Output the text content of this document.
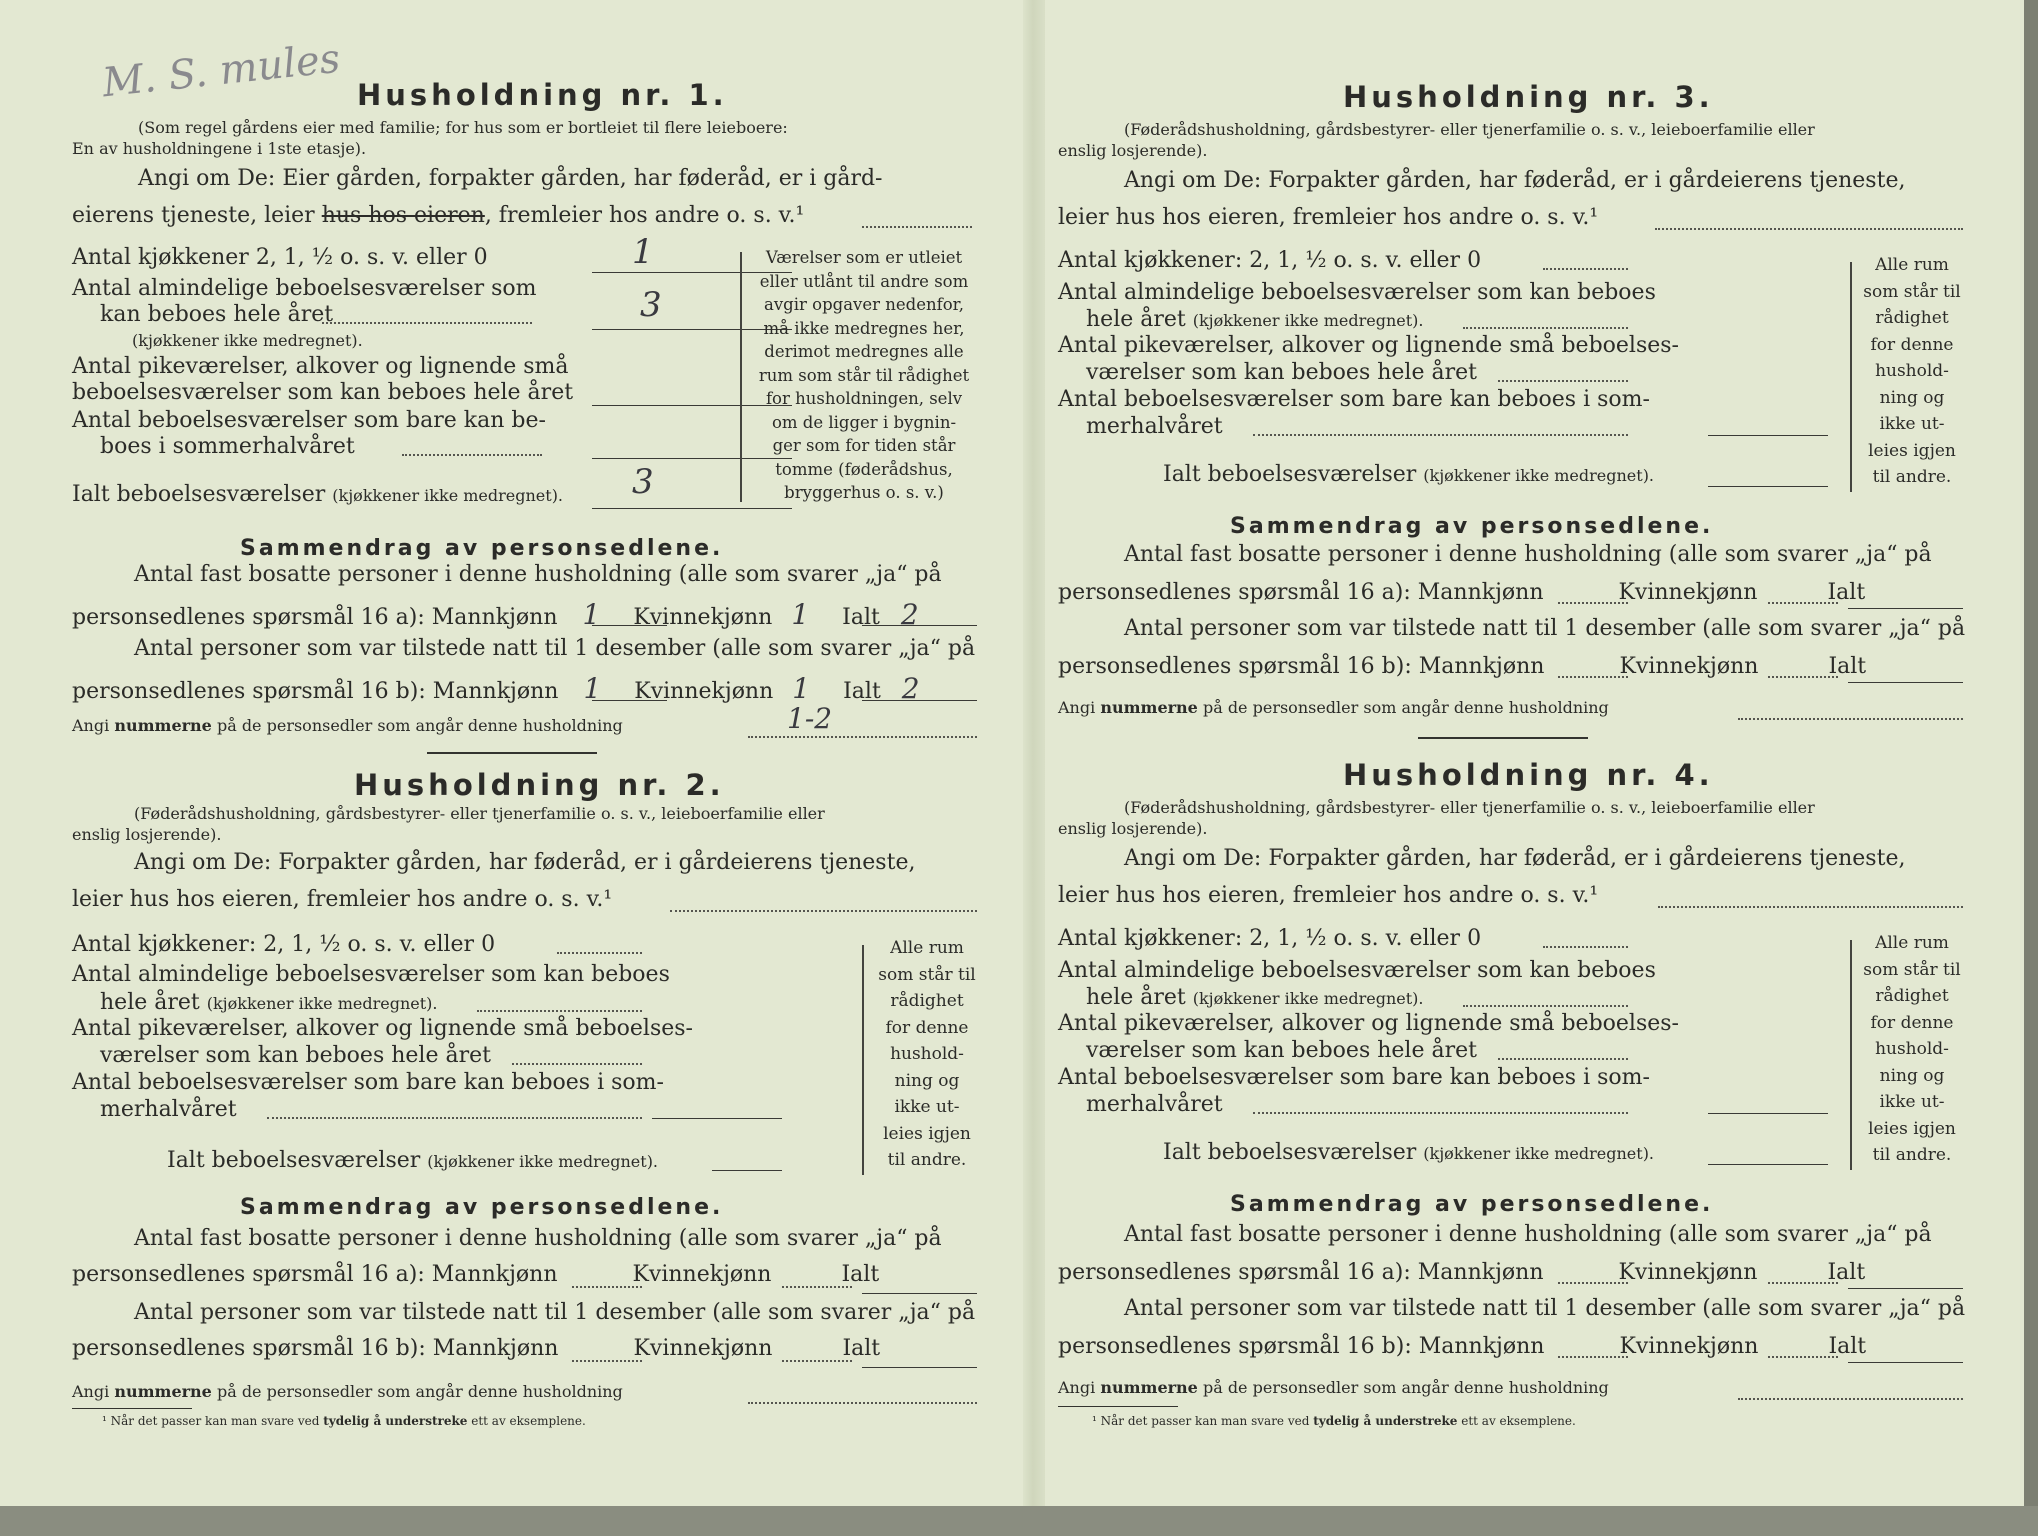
M. S. mules Husholdning nr. 1.
(Som regel gårdens eier med familie; for hus som er bortleiet til flere leieboere:
En av husholdningene i 1ste etasje).
Angi om De: Eier gården, forpakter gården, har føderåd, er i gård-
eierens tjeneste, leier hus hos eieren, fremleier hos andre o. s. v.¹
Antal kjøkkener 2, 1, ½ o. s. v. eller 0	1
Antal almindelige beboelsesværelser som
kan beboes hele året	3
(kjøkkener ikke medregnet).
Antal pikeværelser, alkover og lignende små
beboelsesværelser som kan beboes hele året
Antal beboelsesværelser som bare kan be-
boes i sommerhalvåret
Ialt beboelsesværelser (kjøkkener ikke medregnet). 3
Værelser som er utleiet
eller utlånt til andre som
avgir opgaver nedenfor,
må ikke medregnes her,
derimot medregnes alle
rum som står til rådighet
for husholdningen, selv
om de ligger i bygnin-
ger som for tiden står
tomme (føderådshus,
bryggerhus o. s. v.)
Sammendrag av personsedlene.
Antal fast bosatte personer i denne husholdning (alle som svarer „ja“ på
personsedlenes spørsmål 16 a): Mannkjønn 1 Kvinnekjønn 1 Ialt 2
Antal personer som var tilstede natt til 1 desember (alle som svarer „ja“ på
personsedlenes spørsmål 16 b): Mannkjønn 1 Kvinnekjønn 1 Ialt 2
Angi nummerne på de personsedler som angår denne husholdning	1-2
Husholdning nr. 2.
(Føderådshusholdning, gårdsbestyrer- eller tjenerfamilie o. s. v., leieboerfamilie eller
enslig losjerende).
Angi om De: Forpakter gården, har føderåd, er i gårdeierens tjeneste,
leier hus hos eieren, fremleier hos andre o. s. v.¹
Antal kjøkkener: 2, 1, ½ o. s. v. eller 0
Antal almindelige beboelsesværelser som kan beboes
hele året (kjøkkener ikke medregnet).
Antal pikeværelser, alkover og lignende små beboelses-
værelser som kan beboes hele året
Antal beboelsesværelser som bare kan beboes i som-
merhalvåret
Ialt beboelsesværelser (kjøkkener ikke medregnet).
Alle rum
som står til
rådighet
for denne
hushold-
ning og
ikke ut-
leies igjen
til andre.
Sammendrag av personsedlene.
Antal fast bosatte personer i denne husholdning (alle som svarer „ja“ på
personsedlenes spørsmål 16 a): Mannkjønn	Kvinnekjønn	Ialt
Antal personer som var tilstede natt til 1 desember (alle som svarer „ja“ på
personsedlenes spørsmål 16 b): Mannkjønn	Kvinnekjønn	Ialt
Angi nummerne på de personsedler som angår denne husholdning
¹ Når det passer kan man svare ved tydelig å understreke ett av eksemplene.
Husholdning nr. 3.
(Føderådshusholdning, gårdsbestyrer- eller tjenerfamilie o. s. v., leieboerfamilie eller
enslig losjerende).
Angi om De: Forpakter gården, har føderåd, er i gårdeierens tjeneste,
leier hus hos eieren, fremleier hos andre o. s. v.¹
Antal kjøkkener: 2, 1, ½ o. s. v. eller 0
Antal almindelige beboelsesværelser som kan beboes
hele året (kjøkkener ikke medregnet).
Antal pikeværelser, alkover og lignende små beboelses-
værelser som kan beboes hele året
Antal beboelsesværelser som bare kan beboes i som-
merhalvåret
Ialt beboelsesværelser (kjøkkener ikke medregnet).
Alle rum
som står til
rådighet
for denne
hushold-
ning og
ikke ut-
leies igjen
til andre.
Sammendrag av personsedlene.
Antal fast bosatte personer i denne husholdning (alle som svarer „ja“ på
personsedlenes spørsmål 16 a): Mannkjønn	Kvinnekjønn	Ialt
Antal personer som var tilstede natt til 1 desember (alle som svarer „ja“ på
personsedlenes spørsmål 16 b): Mannkjønn	Kvinnekjønn	Ialt
Angi nummerne på de personsedler som angår denne husholdning
Husholdning nr. 4.
(Føderådshusholdning, gårdsbestyrer- eller tjenerfamilie o. s. v., leieboerfamilie eller
enslig losjerende).
Angi om De: Forpakter gården, har føderåd, er i gårdeierens tjeneste,
leier hus hos eieren, fremleier hos andre o. s. v.¹
Antal kjøkkener: 2, 1, ½ o. s. v. eller 0
Antal almindelige beboelsesværelser som kan beboes
hele året (kjøkkener ikke medregnet).
Antal pikeværelser, alkover og lignende små beboelses-
værelser som kan beboes hele året
Antal beboelsesværelser som bare kan beboes i som-
merhalvåret
Ialt beboelsesværelser (kjøkkener ikke medregnet).
Alle rum
som står til
rådighet
for denne
hushold-
ning og
ikke ut-
leies igjen
til andre.
Sammendrag av personsedlene.
Antal fast bosatte personer i denne husholdning (alle som svarer „ja“ på
personsedlenes spørsmål 16 a): Mannkjønn	Kvinnekjønn	Ialt
Antal personer som var tilstede natt til 1 desember (alle som svarer „ja“ på
personsedlenes spørsmål 16 b): Mannkjønn	Kvinnekjønn	Ialt
Angi nummerne på de personsedler som angår denne husholdning
¹ Når det passer kan man svare ved tydelig å understreke ett av eksemplene.
